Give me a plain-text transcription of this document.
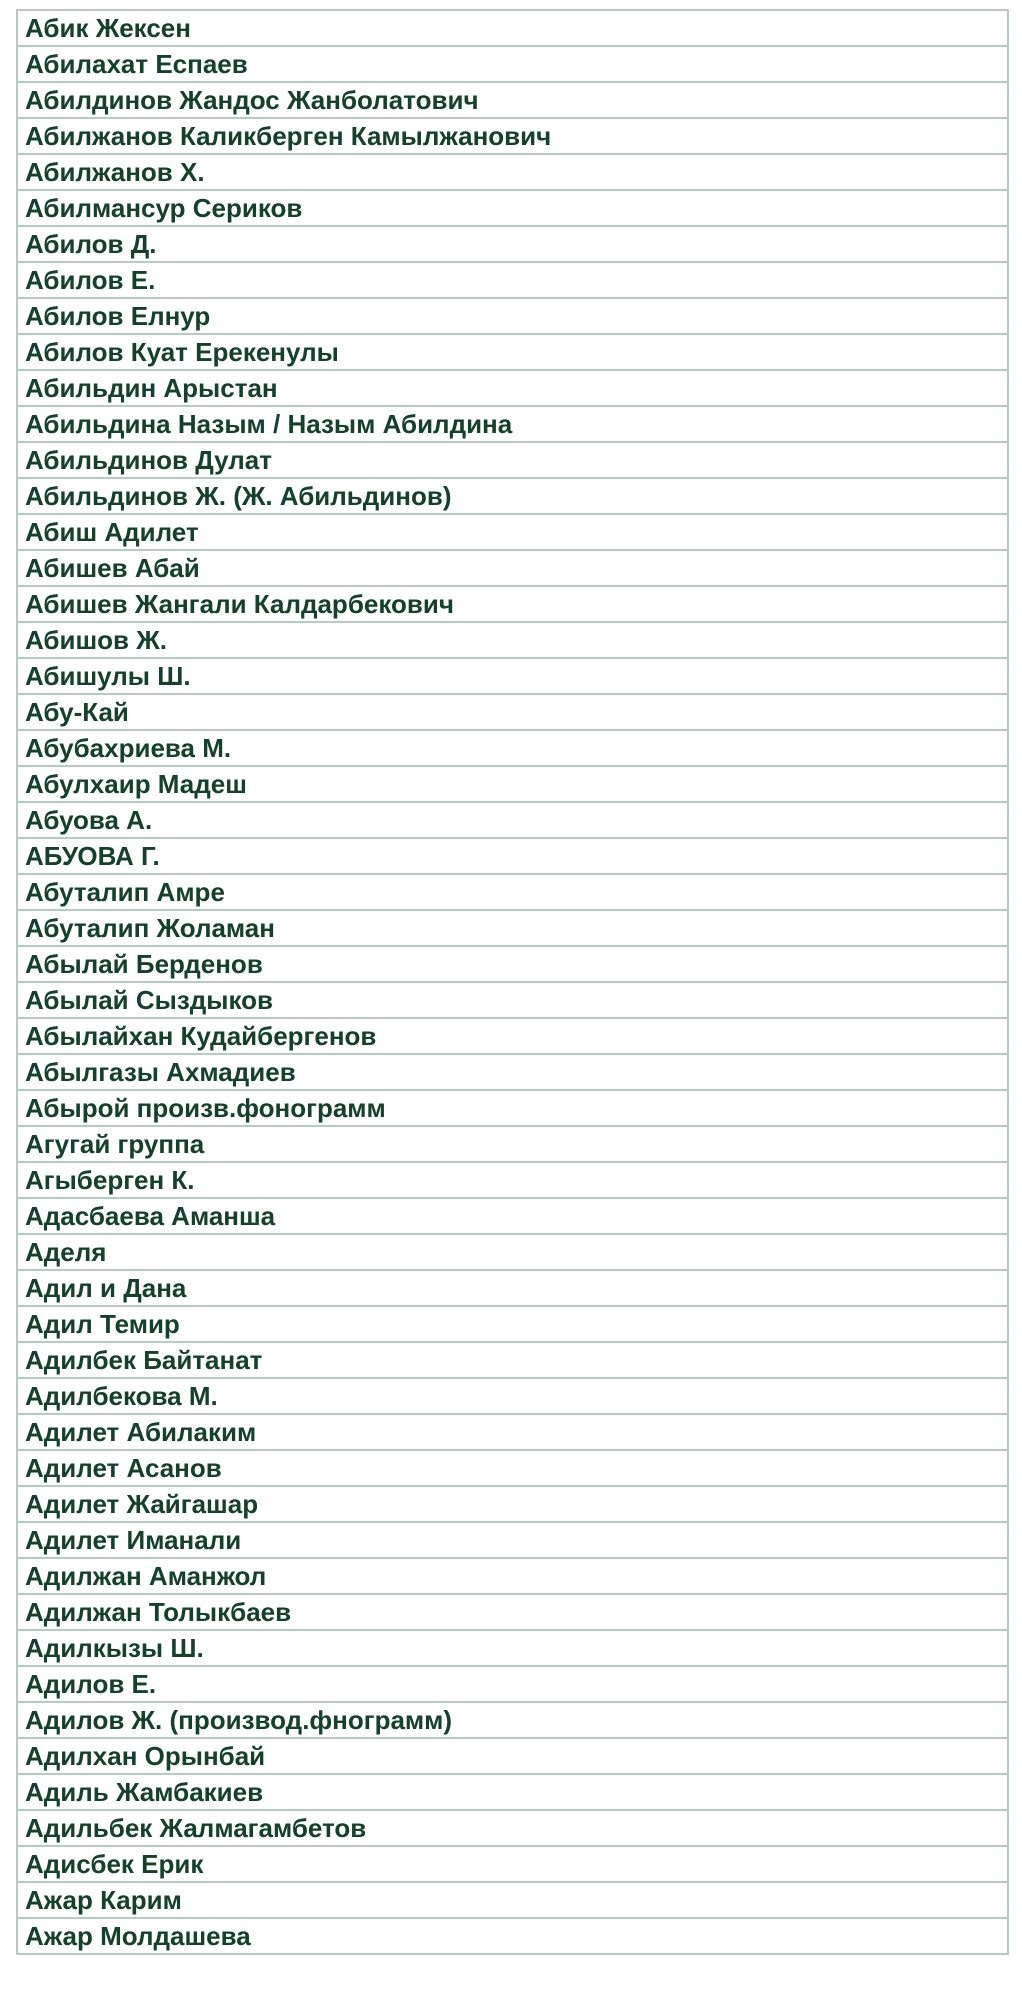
Абик Жексен
Абилахат Еспаев
Абилдинов Жандос Жанболатович
Абилжанов Каликберген Камылжанович
Абилжанов Х.
Абилмансур Сериков
Абилов Д.
Абилов Е.
Абилов Елнур
Абилов Куат Ерекенулы
Абильдин Арыстан
Абильдина Назым / Назым Абилдина
Абильдинов Дулат
Абильдинов Ж. (Ж. Абильдинов)
Абиш Адилет
Абишев Абай
Абишев Жангали Калдарбекович
Абишов Ж.
Абишулы Ш.
Абу-Кай
Абубахриева М.
Абулхаир Мадеш
Абуова А.
АБУОВА Г.
Абуталип Амре
Абуталип Жоламан
Абылай Берденов
Абылай Сыздыков
Абылайхан Кудайбергенов
Абылгазы Ахмадиев
Абырой произв.фонограмм
Агугай группа
Агыберген К.
Адасбаева Аманша
Аделя
Адил и Дана
Адил Темир
Адилбек Байтанат
Адилбекова М.
Адилет Абилаким
Адилет Асанов
Адилет Жайгашар
Адилет Иманали
Адилжан Аманжол
Адилжан Толыкбаев
Адилкызы Ш.
Адилов Е.
Адилов Ж. (производ.фнограмм)
Адилхан Орынбай
Адиль Жамбакиев
Адильбек Жалмагамбетов
Адисбек Ерик
Ажар Карим
Ажар Молдашева
